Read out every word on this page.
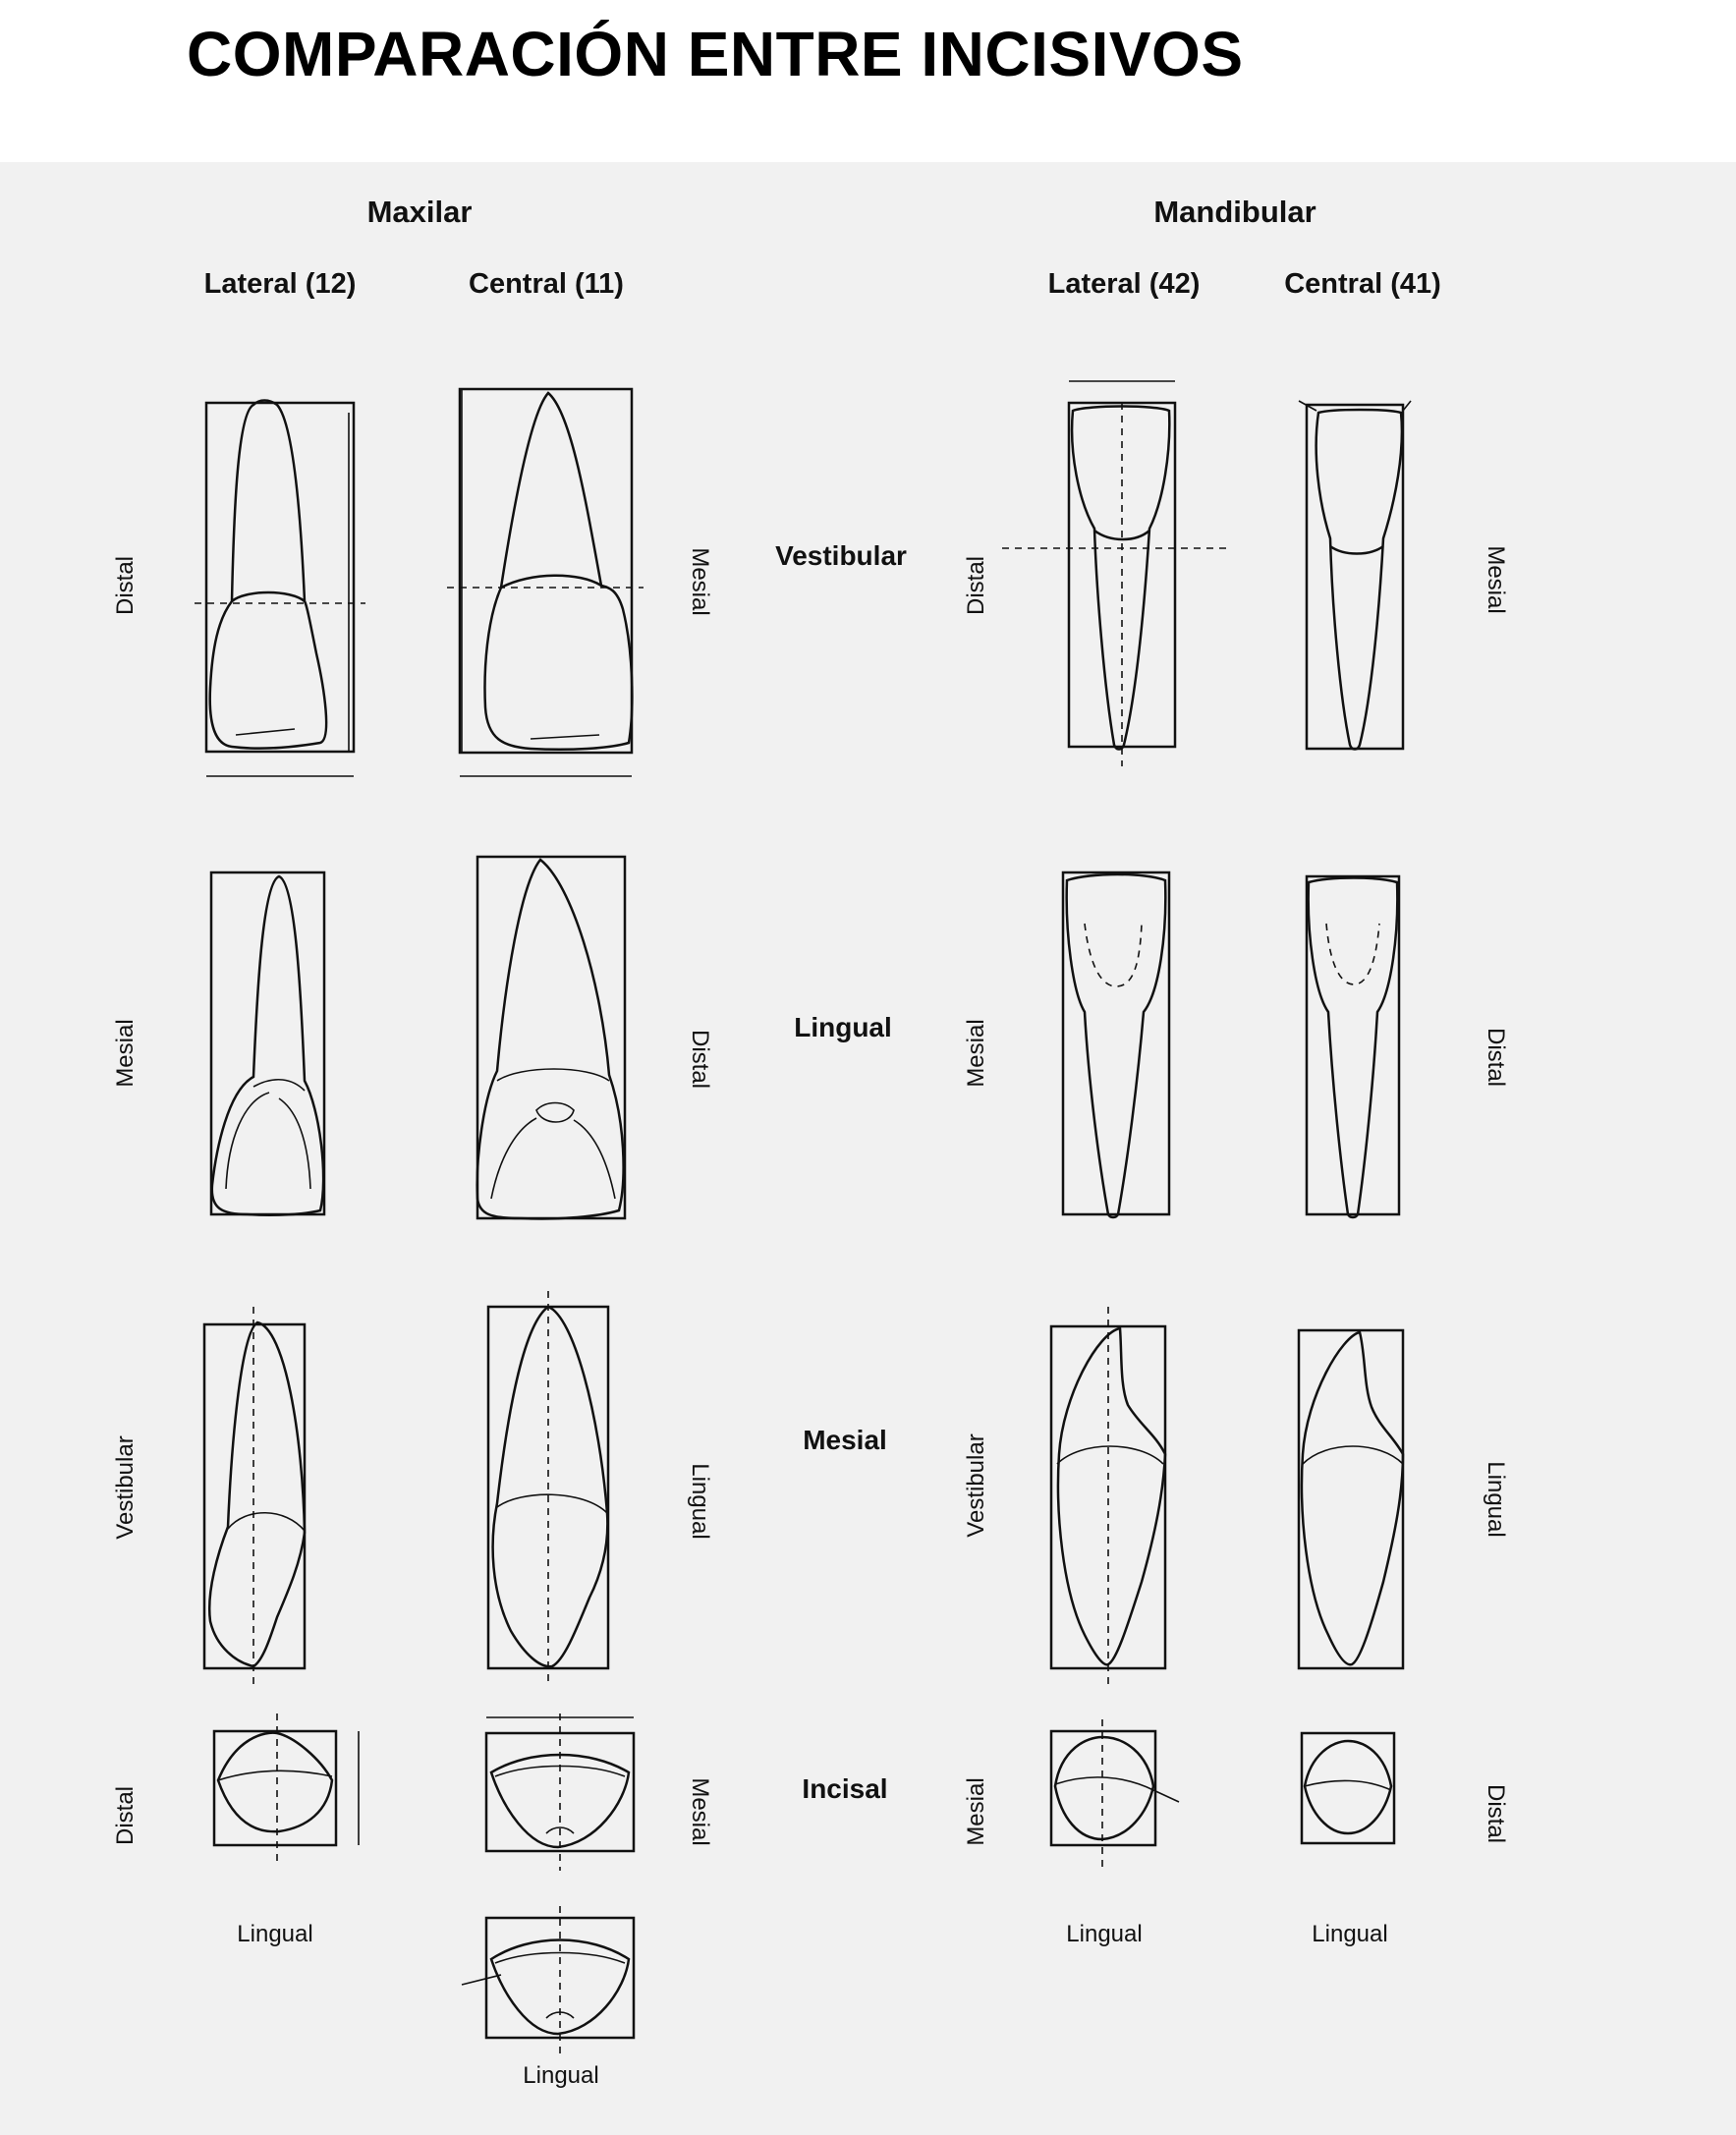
COMPARACIÓN ENTRE INCISIVOS
Maxilar	Mandibular
Lateral (12)	Central (11)	Lateral (42)	Central (41)
Vestibular
Lingual
Mesial
Incisal
Distal	Mesial	Distal	Mesial
Mesial	Distal	Mesial	Distal
Vestibular	Lingual	Vestibular	Lingual
Distal	Mesial	Mesial	Distal
Lingual
Lingual
Lingual	Lingual
